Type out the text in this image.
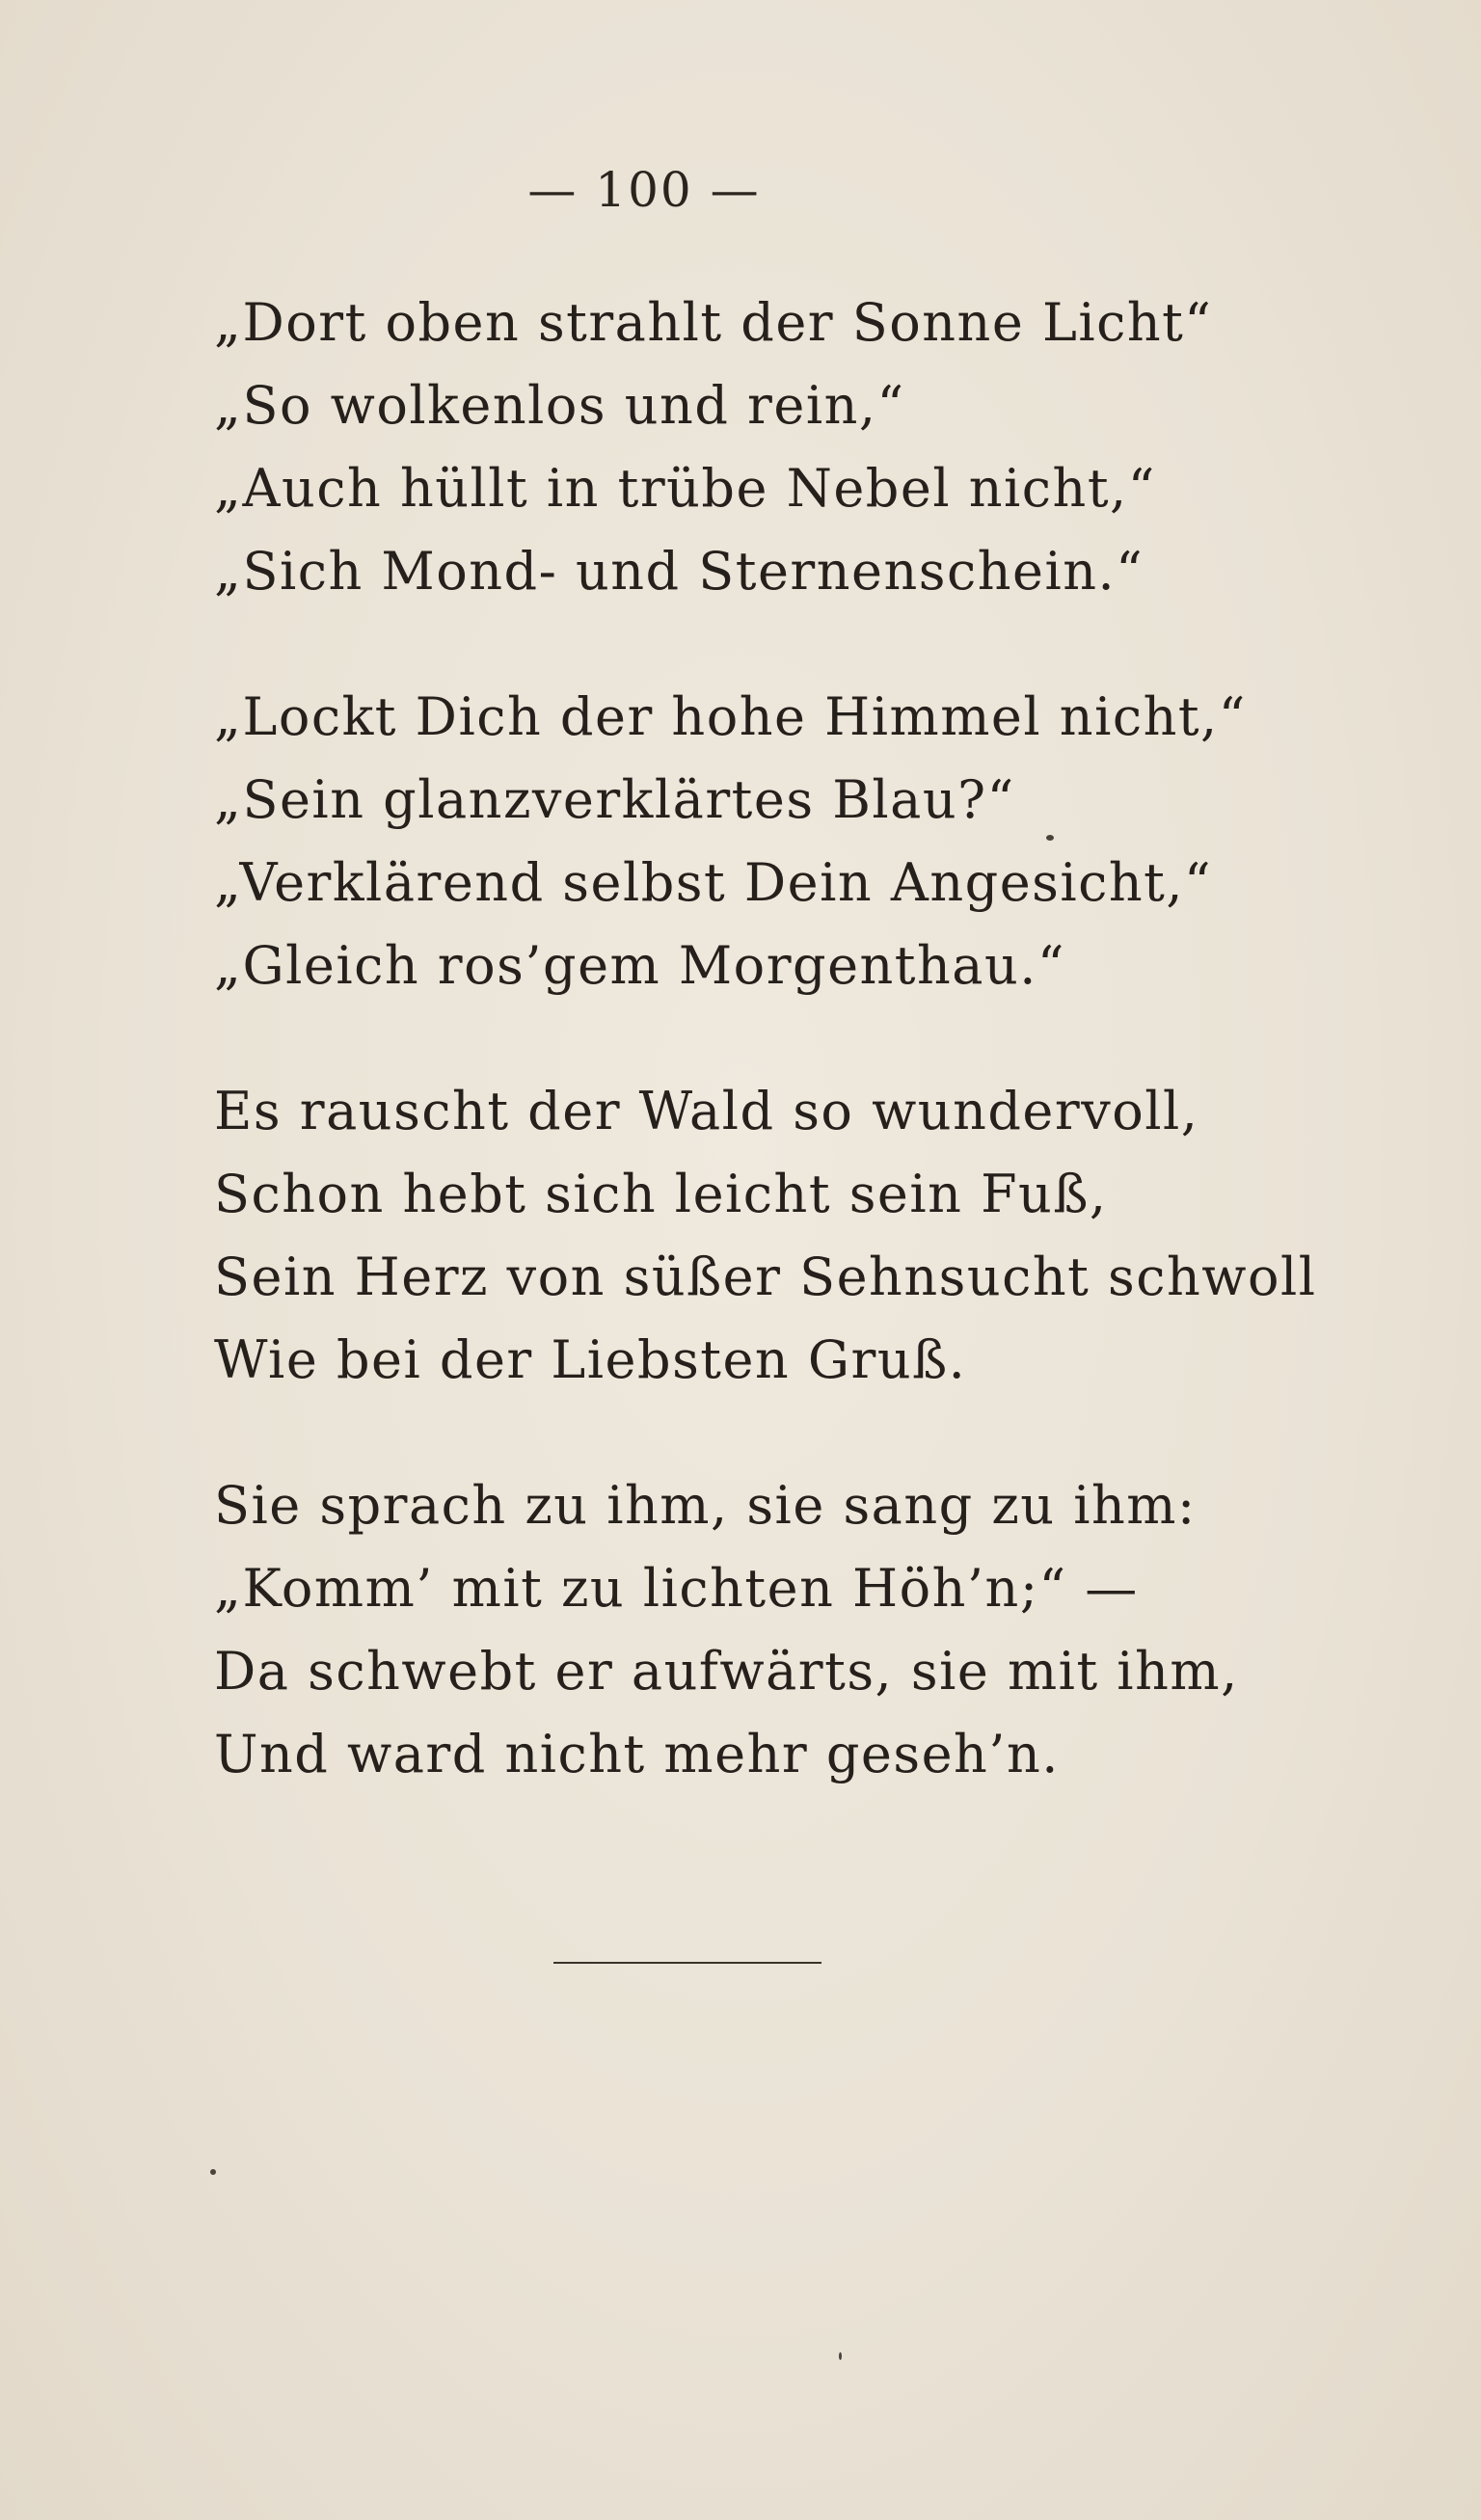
— 100 —
„Dort oben strahlt der Sonne Licht“
„So wolkenlos und rein,“
„Auch hüllt in trübe Nebel nicht,“
„Sich Mond- und Sternenschein.“
„Lockt Dich der hohe Himmel nicht,“
„Sein glanzverklärtes Blau?“
„Verklärend selbst Dein Angesicht,“
„Gleich ros’gem Morgenthau.“
Es rauscht der Wald so wundervoll,
Schon hebt sich leicht sein Fuß,
Sein Herz von süßer Sehnsucht schwoll
Wie bei der Liebsten Gruß.
Sie sprach zu ihm, sie sang zu ihm:
„Komm’ mit zu lichten Höh’n;“ —
Da schwebt er aufwärts, sie mit ihm,
Und ward nicht mehr geseh’n.
